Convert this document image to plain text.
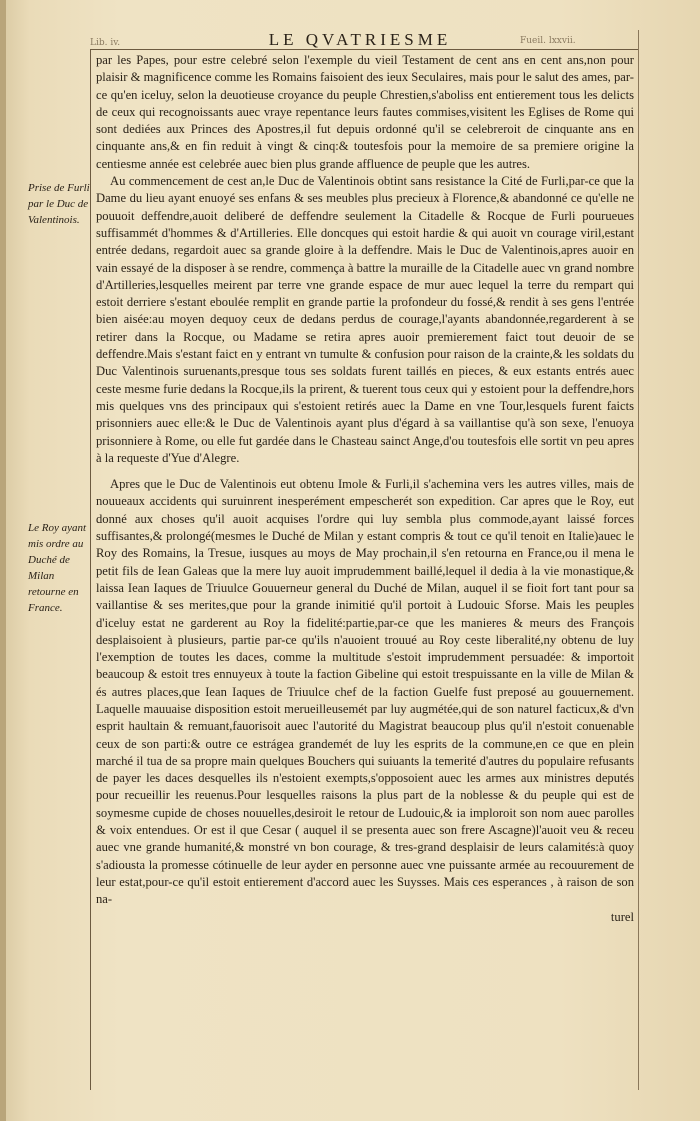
Lib. iv.	Fueil. lxxvii.
LE QVATRIESME
Prise de Furli par le Duc de Valentinois.
Le Roy ayant mis ordre au Duché de Milan retourne en France.

par les Papes, pour estre celebré selon l'exemple du vieil Testament de cent ans en cent ans,non pour plaisir & magnificence comme les Romains faisoient des ieux Seculaires, mais pour le salut des ames, par-ce qu'en iceluy, selon la deuotieuse croyance du peuple Chrestien,s'aboliss ent entierement tous les delicts de ceux qui recognoissants auec vraye repentance leurs fautes commises,visitent les Eglises de Rome qui sont dediées aux Princes des Apostres,il fut depuis ordonné qu'il se celebreroit de cinquante ans en cinquante ans,& en fin reduit à vingt & cinq:& toutesfois pour la memoire de sa premiere origine la centiesme année est celebrée auec bien plus grande affluence de peuple que les autres.

Au commencement de cest an,le Duc de Valentinois obtint sans resistance la Cité de Furli,par-ce que la Dame du lieu ayant enuoyé ses enfans & ses meubles plus precieux à Florence,& abandonné ce qu'elle ne pouuoit deffendre,auoit deliberé de deffendre seulement la Citadelle & Rocque de Furli pourueues suffisammét d'hommes & d'Artilleries. Elle doncques qui estoit hardie & qui auoit vn courage viril,estant entrée dedans, regardoit auec sa grande gloire à la deffendre. Mais le Duc de Valentinois,apres auoir en vain essayé de la disposer à se rendre, commença à battre la muraille de la Citadelle auec vn grand nombre d'Artilleries,lesquelles meirent par terre vne grande espace de mur auec lequel la terre du rempart qui estoit derriere s'estant eboulée remplit en grande partie la profondeur du fossé,& rendit à ses gens l'entrée bien aisée:au moyen dequoy ceux de dedans perdus de courage,l'ayants abandonnée,regarderent à se retirer dans la Rocque, ou Madame se retira apres auoir premierement faict tout deuoir de se deffendre.Mais s'estant faict en y entrant vn tumulte & confusion pour raison de la crainte,& les soldats du Duc Valentinois suruenants,presque tous ses soldats furent taillés en pieces, & eux estants entrés auec ceste mesme furie dedans la Rocque,ils la prirent, & tuerent tous ceux qui y estoient pour la deffendre,hors mis quelques vns des principaux qui s'estoient retirés auec la Dame en vne Tour,lesquels furent faicts prisonniers auec elle:& le Duc de Valentinois ayant plus d'égard à sa vaillantise qu'à son sexe, l'enuoya prisonniere à Rome, ou elle fut gardée dans le Chasteau sainct Ange,d'ou toutesfois elle sortit vn peu apres à la requeste d'Yue d'Alegre.

Apres que le Duc de Valentinois eut obtenu Imole & Furli,il s'achemina vers les autres villes, mais de nouueaux accidents qui suruinrent inesperément empescherét son expedition. Car apres que le Roy, eut donné aux choses qu'il auoit acquises l'ordre qui luy sembla plus commode,ayant laissé forces suffisantes,& prolongé(mesmes le Duché de Milan y estant compris & tout ce qu'il tenoit en Italie)auec le Roy des Romains, la Tresue, iusques au moys de May prochain,il s'en retourna en France,ou il mena le petit fils de Iean Galeas que la mere luy auoit imprudemment baillé,lequel il dedia à la vie monastique,& laissa Iean Iaques de Triuulce Gouuerneur general du Duché de Milan, auquel il se fioit fort tant pour sa vaillantise & ses merites,que pour la grande inimitié qu'il portoit à Ludouic Sforse. Mais les peuples d'iceluy estat ne garderent au Roy la fidelité:partie,par-ce que les manieres & meurs des François desplaisoient à plusieurs, partie par-ce qu'ils n'auoient trouué au Roy ceste liberalité,ny obtenu de luy l'exemption de toutes les daces, comme la multitude s'estoit imprudemment persuadée: & importoit beaucoup & estoit tres ennuyeux à toute la faction Gibeline qui estoit trespuissante en la ville de Milan & és autres places,que Iean Iaques de Triuulce chef de la faction Guelfe fust preposé au gouuernement. Laquelle mauuaise disposition estoit merueilleusemét par luy augmétée,qui de son naturel facticux,& d'vn esprit haultain & remuant,fauorisoit auec l'autorité du Magistrat beaucoup plus qu'il n'estoit conuenable ceux de son parti:& outre ce estrágea grandemét de luy les esprits de la commune,en ce que en plein marché il tua de sa propre main quelques Bouchers qui suiuants la temerité d'autres du populaire refusants de payer les daces desquelles ils n'estoient exempts,s'opposoient auec les armes aux ministres deputés pour recueillir les reuenus.Pour lesquelles raisons la plus part de la noblesse & du peuple qui est de soymesme cupide de choses nouuelles,desiroit le retour de Ludouic,& ia imploroit son nom auec parolles & voix entendues. Or est il que Cesar ( auquel il se presenta auec son frere Ascagne)l'auoit veu & receu auec vne grande humanité,& monstré vn bon courage, & tres-grand desplaisir de leurs calamités:à quoy s'adiousta la promesse cótinuelle de leur ayder en personne auec vne puissante armée au recouurement de leur estat,pour-ce qu'il estoit entierement d'accord auec les Suysses. Mais ces esperances , à raison de son na-

turel
